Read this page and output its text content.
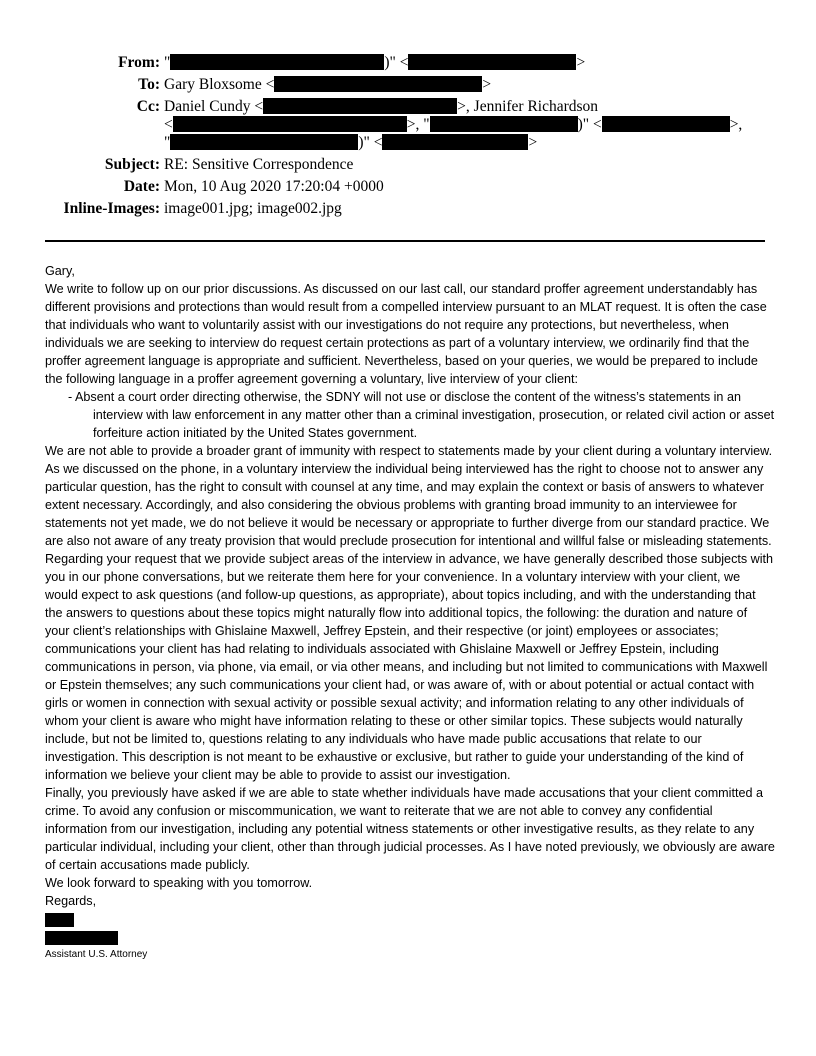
From: "	)" <	>
To: Gary Bloxsome <	>
Cc: Daniel Cundy <	>, Jennifer Richardson
<	>, "	)" <	>,
"	)" <	>
Subject: RE: Sensitive Correspondence
Date: Mon, 10 Aug 2020 17:20:04 +0000
Inline-Images: image001.jpg; image002.jpg

Gary,

We write to follow up on our prior discussions. As discussed on our last call, our standard proffer agreement understandably has different provisions and protections than would result from a compelled interview pursuant to an MLAT request. It is often the case that individuals who want to voluntarily assist with our investigations do not require any protections, but nevertheless, when individuals we are seeking to interview do request certain protections as part of a voluntary interview, we ordinarily find that the proffer agreement language is appropriate and sufficient. Nevertheless, based on your queries, we would be prepared to include the following language in a proffer agreement governing a voluntary, live interview of your client:

- Absent a court order directing otherwise, the SDNY will not use or disclose the content of the witness’s statements in an interview with law enforcement in any matter other than a criminal investigation, prosecution, or related civil action or asset forfeiture action initiated by the United States government.

We are not able to provide a broader grant of immunity with respect to statements made by your client during a voluntary interview. As we discussed on the phone, in a voluntary interview the individual being interviewed has the right to choose not to answer any particular question, has the right to consult with counsel at any time, and may explain the context or basis of answers to whatever extent necessary. Accordingly, and also considering the obvious problems with granting broad immunity to an interviewee for statements not yet made, we do not believe it would be necessary or appropriate to further diverge from our standard practice. We are also not aware of any treaty provision that would preclude prosecution for intentional and willful false or misleading statements.

Regarding your request that we provide subject areas of the interview in advance, we have generally described those subjects with you in our phone conversations, but we reiterate them here for your convenience. In a voluntary interview with your client, we would expect to ask questions (and follow-up questions, as appropriate), about topics including, and with the understanding that the answers to questions about these topics might naturally flow into additional topics, the following: the duration and nature of your client’s relationships with Ghislaine Maxwell, Jeffrey Epstein, and their respective (or joint) employees or associates; communications your client has had relating to individuals associated with Ghislaine Maxwell or Jeffrey Epstein, including communications in person, via phone, via email, or via other means, and including but not limited to communications with Maxwell or Epstein themselves; any such communications your client had, or was aware of, with or about potential or actual contact with girls or women in connection with sexual activity or possible sexual activity; and information relating to any other individuals of whom your client is aware who might have information relating to these or other similar topics. These subjects would naturally include, but not be limited to, questions relating to any individuals who have made public accusations that relate to our investigation. This description is not meant to be exhaustive or exclusive, but rather to guide your understanding of the kind of information we believe your client may be able to provide to assist our investigation.

Finally, you previously have asked if we are able to state whether individuals have made accusations that your client committed a crime. To avoid any confusion or miscommunication, we want to reiterate that we are not able to convey any confidential information from our investigation, including any potential witness statements or other investigative results, as they relate to any particular individual, including your client, other than through judicial processes. As I have noted previously, we obviously are aware of certain accusations made publicly.

We look forward to speaking with you tomorrow.

Regards,

Assistant U.S. Attorney
